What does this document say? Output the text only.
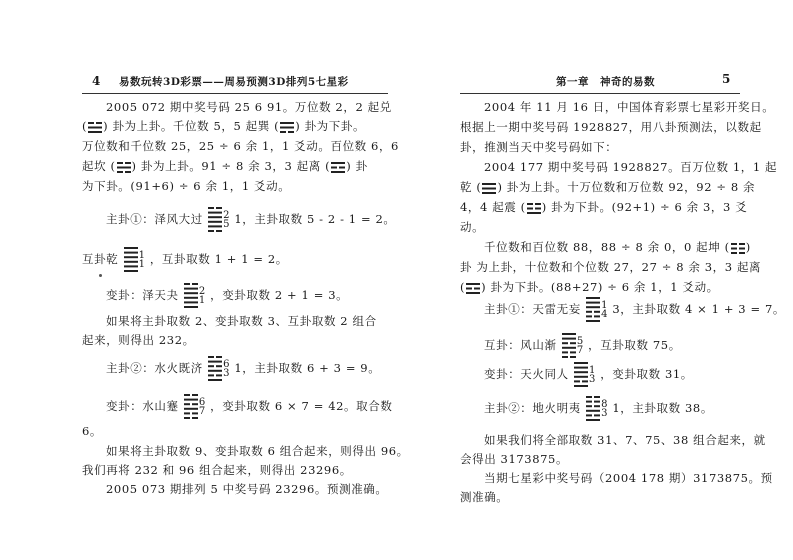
4 易数玩转3D彩票——周易预测3D排列5七星彩
2005 072 期中奖号码 25 6 91。万位数 2，2 起兑
( ) 卦为上卦。千位数 5，5 起巽 ( ) 卦为下卦。
万位数和千位数 25，25 ÷ 6 余 1，1 爻动。百位数 6，6
起坎 ( ) 卦为上卦。91 ÷ 8 余 3，3 起离 ( ) 卦
为下卦。(91+6) ÷ 6 余 1，1 爻动。
主卦①：泽风大过 2
5 1，主卦取数 5 - 2 - 1 = 2。
互卦乾 1
1 ，互卦取数 1 + 1 = 2。
变卦：泽天夬 2
1 ，变卦取数 2 + 1 = 3。
如果将主卦取数 2、变卦取数 3、互卦取数 2 组合
起来，则得出 232。
主卦②：水火既济 6
3 1，主卦取数 6 + 3 = 9。
变卦：水山蹇 6
7 ，变卦取数 6 × 7 = 42。取合数
6。
如果将主卦取数 9、变卦取数 6 组合起来，则得出 96。
我们再将 232 和 96 组合起来，则得出 23296。
2005 073 期排列 5 中奖号码 23296。预测准确。
第一章　神奇的易数	5
2004 年 11 月 16 日，中国体育彩票七星彩开奖日。
根据上一期中奖号码 1928827，用八卦预测法，以数起
卦，推测当天中奖号码如下：
2004 177 期中奖号码 1928827。百万位数 1，1 起
乾 ( ) 卦为上卦。十万位数和万位数 92，92 ÷ 8 余
4，4 起震 ( ) 卦为下卦。(92+1) ÷ 6 余 3，3 爻
动。
千位数和百位数 88，88 ÷ 8 余 0，0 起坤 ( )
卦 为上卦，十位数和个位数 27，27 ÷ 8 余 3，3 起离
( ) 卦为下卦。(88+27) ÷ 6 余 1，1 爻动。
主卦①：天雷无妄 1
4 3，主卦取数 4 × 1 + 3 = 7。
互卦：风山渐 5
7 ，互卦取数 75。
变卦：天火同人 1
3 ，变卦取数 31。
主卦②：地火明夷 8
3 1，主卦取数 38。
如果我们将全部取数 31、7、75、38 组合起来，就
会得出 3173875。
当期七星彩中奖号码（2004 178 期）3173875。预
测准确。
